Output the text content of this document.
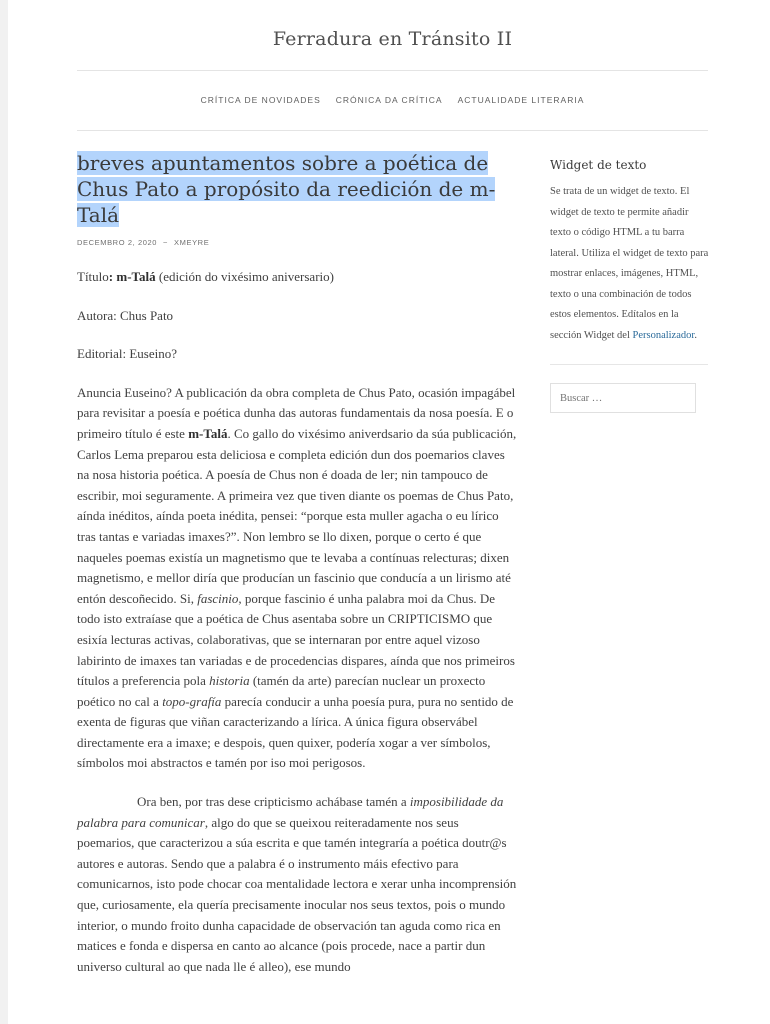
Ferradura en Tránsito II
CRÍTICA DE NOVIDADES CRÓNICA DA CRÍTICA ACTUALIDADE LITERARIA
breves apuntamentos sobre a poética de Chus Pato a propósito da reedición de m-Talá
DECEMBRO 2, 2020 ~ XMEYRE

Título: m-Talá (edición do vixésimo aniversario)

Autora: Chus Pato

Editorial: Euseino?

Anuncia Euseino? A publicación da obra completa de Chus Pato, ocasión impagábel para revisitar a poesía e poética dunha das autoras fundamentais da nosa poesía. E o primeiro título é este m-Talá. Co gallo do vixésimo aniverdsario da súa publicación, Carlos Lema preparou esta deliciosa e completa edición dun dos poemarios claves na nosa historia poética. A poesía de Chus non é doada de ler; nin tampouco de escribir, moi seguramente. A primeira vez que tiven diante os poemas de Chus Pato, aínda inéditos, aínda poeta inédita, pensei: “porque esta muller agacha o eu lírico tras tantas e variadas imaxes?”. Non lembro se llo dixen, porque o certo é que naqueles poemas existía un magnetismo que te levaba a contínuas relecturas; dixen magnetismo, e mellor diría que producían un fascinio que conducía a un lirismo até entón descoñecido. Si, fascinio, porque fascinio é unha palabra moi da Chus. De todo isto extraíase que a poética de Chus asentaba sobre un CRIPTICISMO que esixía lecturas activas, colaborativas, que se internaran por entre aquel vizoso labirinto de imaxes tan variadas e de procedencias dispares, aínda que nos primeiros títulos a preferencia pola historia (tamén da arte) parecían nuclear un proxecto poético no cal a topo-grafía parecía conducir a unha poesía pura, pura no sentido de exenta de figuras que viñan caracterizando a lírica. A única figura observábel directamente era a imaxe; e despois, quen quixer, podería xogar a ver símbolos, símbolos moi abstractos e tamén por iso moi perigosos.

Ora ben, por tras dese cripticismo achábase tamén a imposibilidade da palabra para comunicar, algo do que se queixou reiteradamente nos seus poemarios, que caracterizou a súa escrita e que tamén integraría a poética doutr@s autores e autoras. Sendo que a palabra é o instrumento máis efectivo para comunicarnos, isto pode chocar coa mentalidade lectora e xerar unha incomprensión que, curiosamente, ela quería precisamente inocular nos seus textos, pois o mundo interior, o mundo froito dunha capacidade de observación tan aguda como rica en matices e fonda e dispersa en canto ao alcance (pois procede, nace a partir dun universo cultural ao que nada lle é alleo), ese mundo

Widget de texto
Se trata de un widget de texto. El widget de texto te permite añadir texto o código HTML a tu barra lateral. Utiliza el widget de texto para mostrar enlaces, imágenes, HTML, texto o una combinación de todos estos elementos. Edítalos en la sección Widget del Personalizador.
Buscar …
